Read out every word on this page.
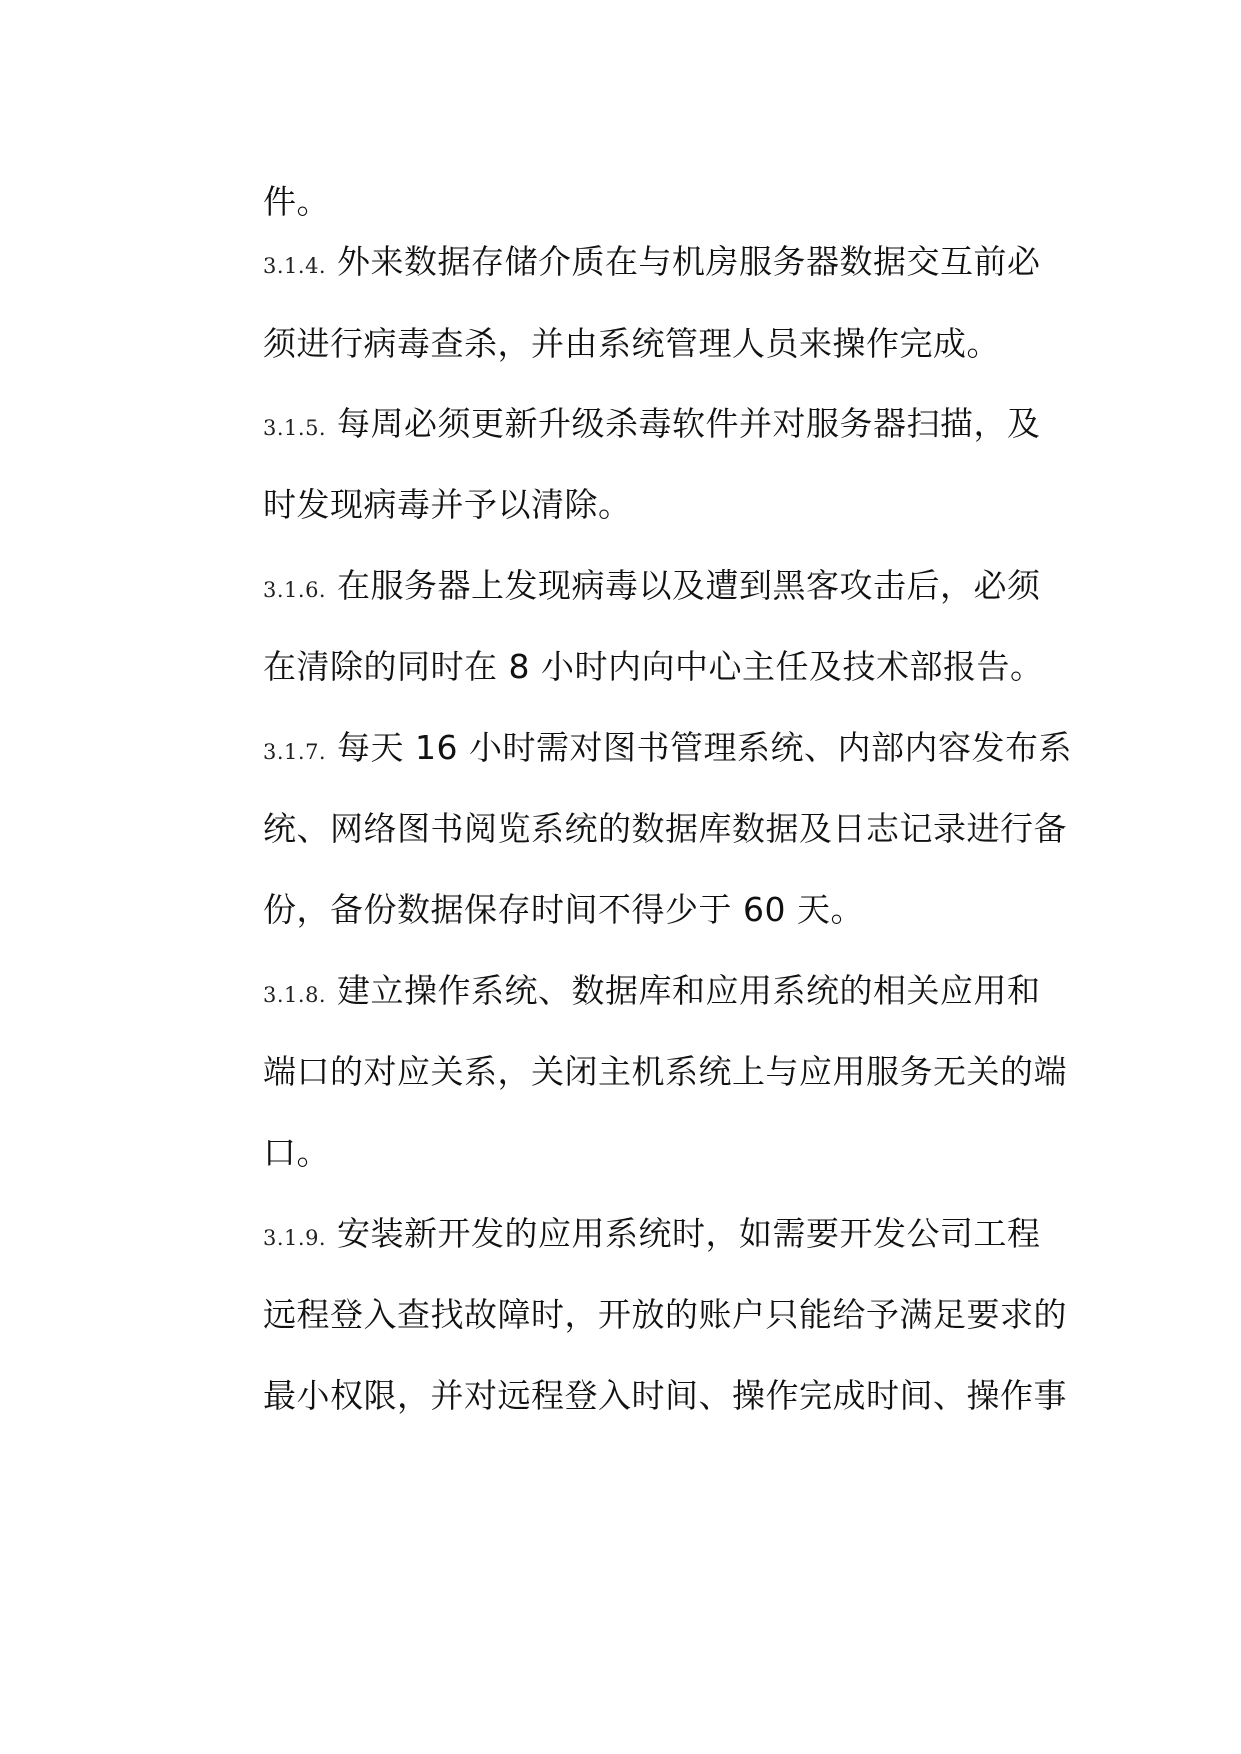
件。
3.1.4. 外来数据存储介质在与机房服务器数据交互前必
须进行病毒查杀，并由系统管理人员来操作完成。
3.1.5. 每周必须更新升级杀毒软件并对服务器扫描，及
时发现病毒并予以清除。
3.1.6. 在服务器上发现病毒以及遭到黑客攻击后，必须
在清除的同时在 8 小时内向中心主任及技术部报告。
3.1.7. 每天 16 小时需对图书管理系统、内部内容发布系
统、网络图书阅览系统的数据库数据及日志记录进行备
份，备份数据保存时间不得少于 60 天。
3.1.8. 建立操作系统、数据库和应用系统的相关应用和
端口的对应关系，关闭主机系统上与应用服务无关的端
口。
3.1.9. 安装新开发的应用系统时，如需要开发公司工程
远程登入查找故障时，开放的账户只能给予满足要求的
最小权限，并对远程登入时间、操作完成时间、操作事
